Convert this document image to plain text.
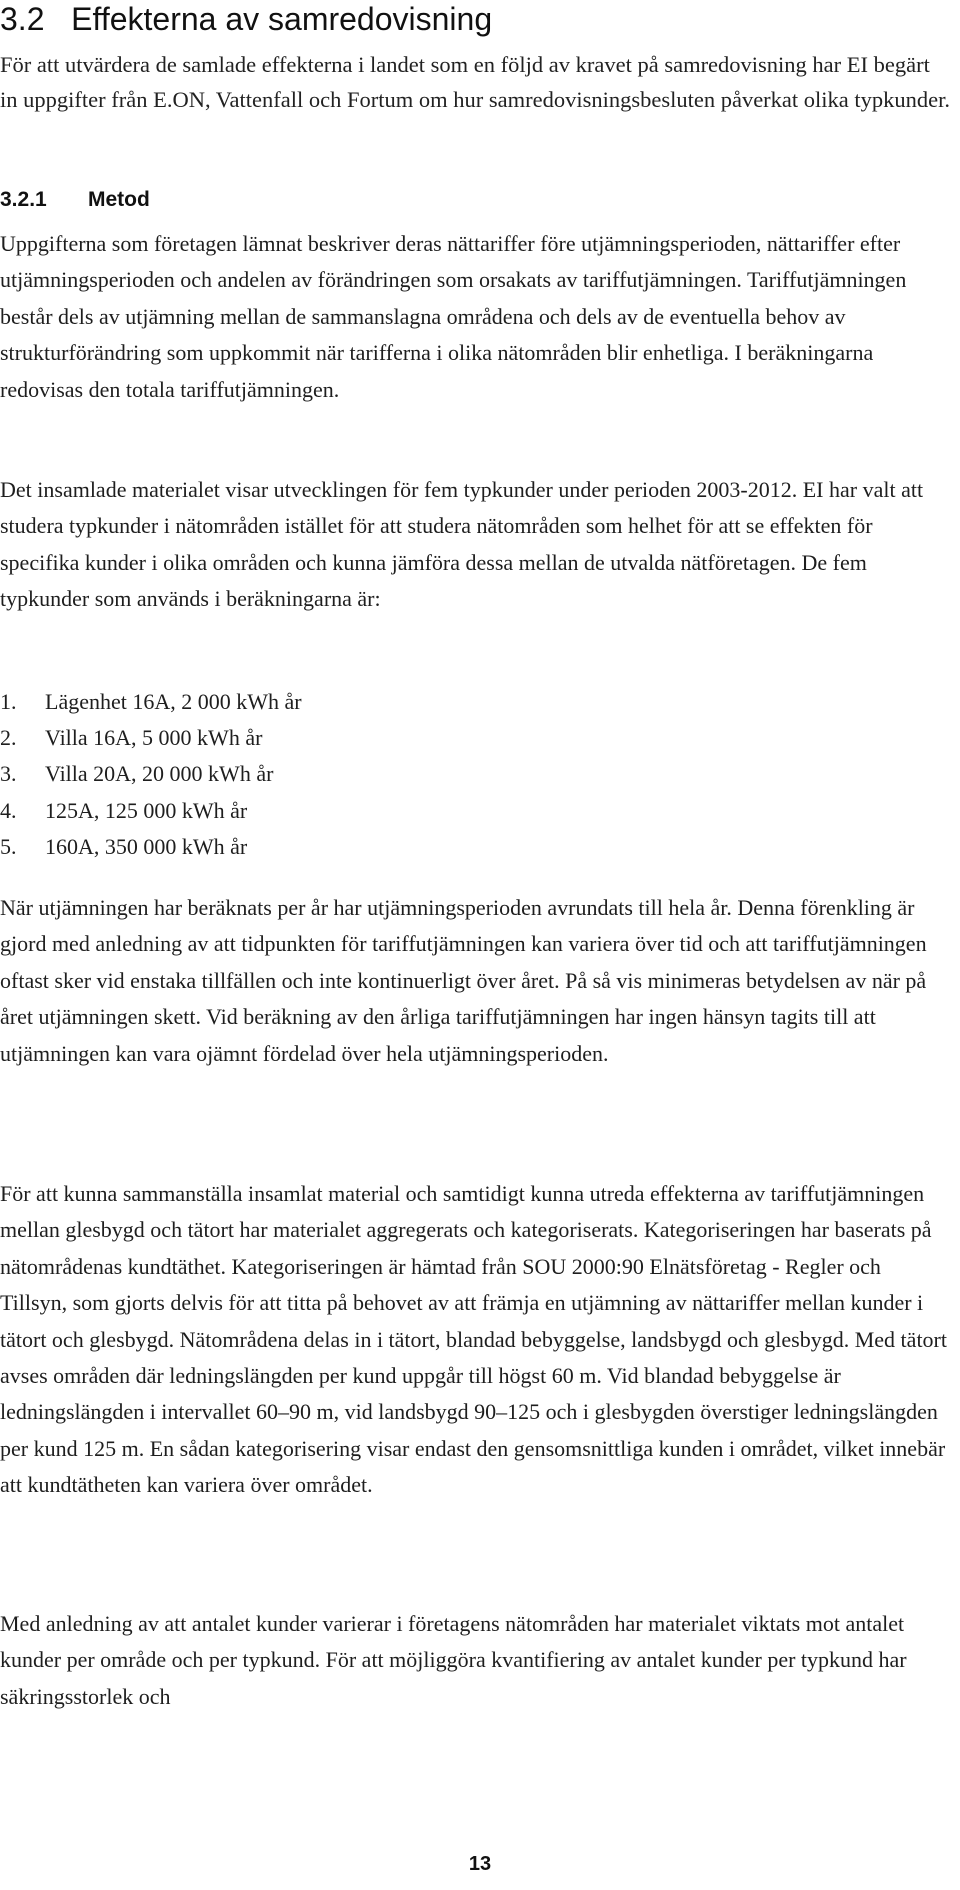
3.2 Effekterna av samredovisning

För att utvärdera de samlade effekterna i landet som en följd av kravet på samredovisning har EI begärt in uppgifter från E.ON, Vattenfall och Fortum om hur samredovisningsbesluten påverkat olika typkunder.

3.2.1 Metod

Uppgifterna som företagen lämnat beskriver deras nättariffer före utjämningsperioden, nättariffer efter utjämningsperioden och andelen av förändringen som orsakats av tariffutjämningen. Tariffutjämningen består dels av utjämning mellan de sammanslagna områdena och dels av de eventuella behov av strukturförändring som uppkommit när tarifferna i olika nätområden blir enhetliga. I beräkningarna redovisas den totala tariffutjämningen.

Det insamlade materialet visar utvecklingen för fem typkunder under perioden 2003-2012. EI har valt att studera typkunder i nätområden istället för att studera nätområden som helhet för att se effekten för specifika kunder i olika områden och kunna jämföra dessa mellan de utvalda nätföretagen. De fem typkunder som används i beräkningarna är:

1. Lägenhet 16A, 2 000 kWh år
2. Villa 16A, 5 000 kWh år
3. Villa 20A, 20 000 kWh år
4. 125A, 125 000 kWh år
5. 160A, 350 000 kWh år

När utjämningen har beräknats per år har utjämningsperioden avrundats till hela år. Denna förenkling är gjord med anledning av att tidpunkten för tariffutjämningen kan variera över tid och att tariffutjämningen oftast sker vid enstaka tillfällen och inte kontinuerligt över året. På så vis minimeras betydelsen av när på året utjämningen skett. Vid beräkning av den årliga tariffutjämningen har ingen hänsyn tagits till att utjämningen kan vara ojämnt fördelad över hela utjämningsperioden.

För att kunna sammanställa insamlat material och samtidigt kunna utreda effekterna av tariffutjämningen mellan glesbygd och tätort har materialet aggregerats och kategoriserats. Kategoriseringen har baserats på nätområdenas kundtäthet. Kategoriseringen är hämtad från SOU 2000:90 Elnätsföretag - Regler och Tillsyn, som gjorts delvis för att titta på behovet av att främja en utjämning av nättariffer mellan kunder i tätort och glesbygd. Nätområdena delas in i tätort, blandad bebyggelse, landsbygd och glesbygd. Med tätort avses områden där ledningslängden per kund uppgår till högst 60 m. Vid blandad bebyggelse är ledningslängden i intervallet 60–90 m, vid landsbygd 90–125 och i glesbygden överstiger ledningslängden per kund 125 m. En sådan kategorisering visar endast den gensomsnittliga kunden i området, vilket innebär att kundtätheten kan variera över området.

Med anledning av att antalet kunder varierar i företagens nätområden har materialet viktats mot antalet kunder per område och per typkund. För att möjliggöra kvantifiering av antalet kunder per typkund har säkringsstorlek och

13
